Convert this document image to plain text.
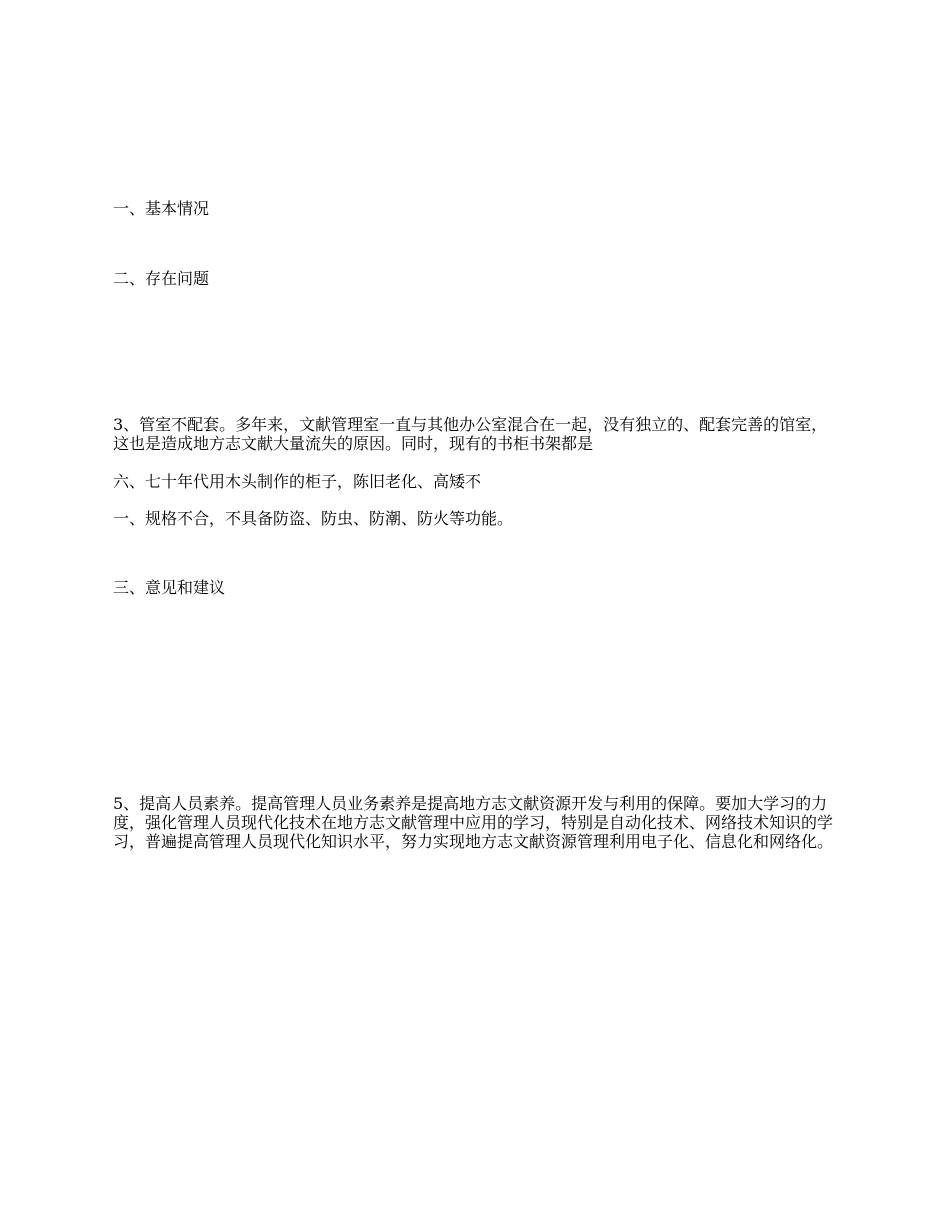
一、基本情况

二、存在问题

3、管室不配套。多年来，文献管理室一直与其他办公室混合在一起，没有独立的、配套完善的馆室，这也是造成地方志文献大量流失的原因。同时，现有的书柜书架都是

六、七十年代用木头制作的柜子，陈旧老化、高矮不

一、规格不合，不具备防盗、防虫、防潮、防火等功能。

三、意见和建议

5、提高人员素养。提高管理人员业务素养是提高地方志文献资源开发与利用的保障。要加大学习的力度，强化管理人员现代化技术在地方志文献管理中应用的学习，特别是自动化技术、网络技术知识的学习，普遍提高管理人员现代化知识水平，努力实现地方志文献资源管理利用电子化、信息化和网络化。
